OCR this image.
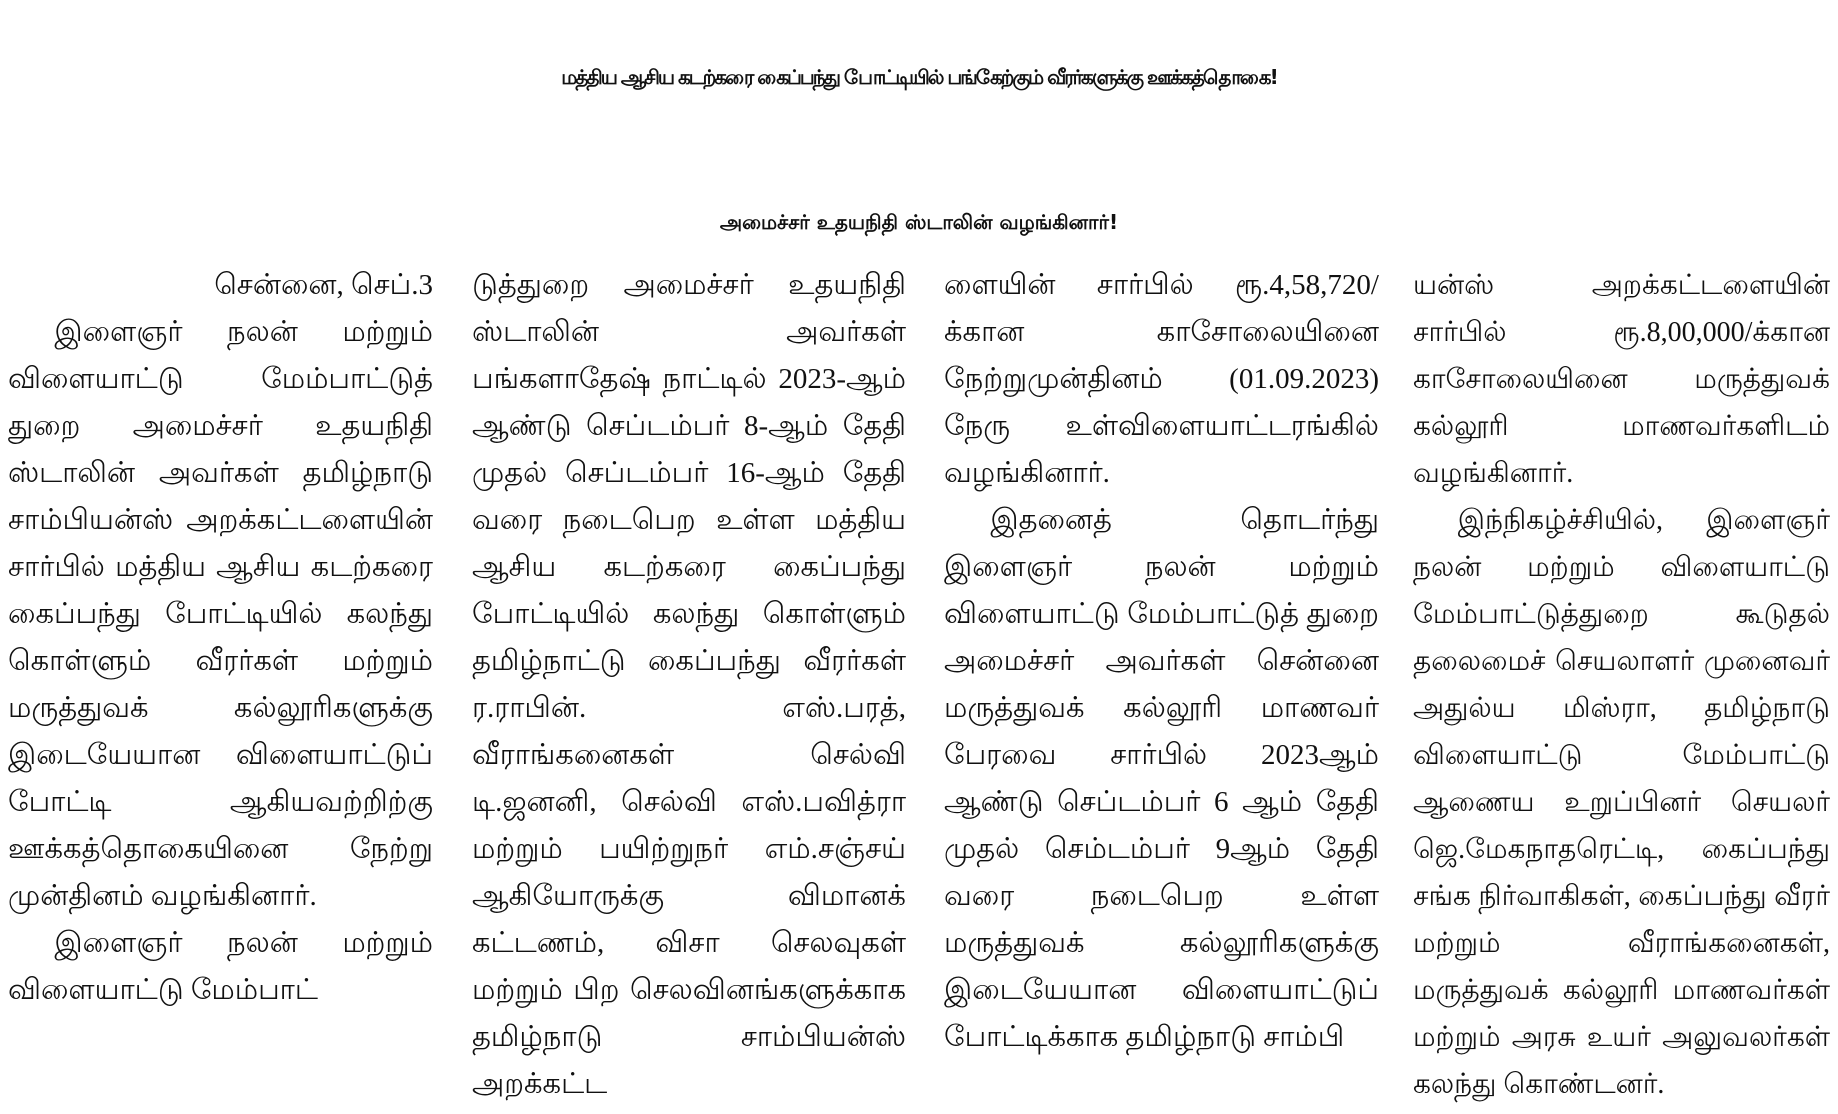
மத்திய ஆசிய கடற்கரை கைப்பந்து போட்டியில் பங்கேற்கும் வீரர்களுக்கு ஊக்கத்தொகை!
அமைச்சர் உதயநிதி ஸ்டாலின் வழங்கினார்!

சென்னை, செப்.3

இளைஞர் நலன் மற்றும் விளையாட்டு மேம்பாட்டுத் துறை அமைச்சர் உதயநிதி ஸ்டாலின் அவர்கள் தமிழ்நாடு சாம்பியன்ஸ் அறக்கட்டளையின் சார்பில் மத்திய ஆசிய கடற்கரை கைப்பந்து போட்டியில் கலந்து கொள்ளும் வீரர்கள் மற்றும் மருத்துவக் கல்லூரிகளுக்கு இடையேயான விளையாட்டுப் போட்டி ஆகியவற்றிற்கு ஊக்கத்தொகையினை நேற்று முன்தினம் வழங்கினார்.

இளைஞர் நலன் மற்றும் விளையாட்டு மேம்பாட்

டுத்துறை அமைச்சர் உதயநிதி ஸ்டாலின் அவர்கள் பங்களாதேஷ் நாட்டில் 2023-ஆம் ஆண்டு செப்டம்பர் 8-ஆம் தேதி முதல் செப்டம்பர் 16-ஆம் தேதி வரை நடைபெற உள்ள மத்திய ஆசிய கடற்கரை கைப்பந்து போட்டியில் கலந்து கொள்ளும் தமிழ்நாட்டு கைப்பந்து வீரர்கள் ர.ராபின். எஸ்.பரத், வீராங்கனைகள் செல்வி டி.ஜனனி, செல்வி எஸ்.பவித்ரா மற்றும் பயிற்றுநர் எம்.சஞ்சய் ஆகியோருக்கு விமானக் கட்டணம், விசா செலவுகள் மற்றும் பிற செலவினங்களுக்காக தமிழ்நாடு சாம்பியன்ஸ் அறக்கட்ட

ளையின் சார்பில் ரூ.4,58,720/க்கான காசோலையினை நேற்றுமுன்தினம் (01.09.2023) நேரு உள்விளையாட்டரங்கில் வழங்கினார்.

இதனைத் தொடர்ந்து இளைஞர் நலன் மற்றும் விளையாட்டு மேம்பாட்டுத் துறை அமைச்சர் அவர்கள் சென்னை மருத்துவக் கல்லூரி மாணவர் பேரவை சார்பில் 2023ஆம் ஆண்டு செப்டம்பர் 6 ஆம் தேதி முதல் செம்டம்பர் 9ஆம் தேதி வரை நடைபெற உள்ள மருத்துவக் கல்லூரிகளுக்கு இடையேயான விளையாட்டுப் போட்டிக்காக தமிழ்நாடு சாம்பி

யன்ஸ் அறக்கட்டளையின் சார்பில் ரூ.8,00,000/க்கான காசோலையினை மருத்துவக் கல்லூரி மாணவர்களிடம் வழங்கினார்.

இந்நிகழ்ச்சியில், இளைஞர் நலன் மற்றும் விளையாட்டு மேம்பாட்டுத்துறை கூடுதல் தலைமைச் செயலாளர் முனைவர் அதுல்ய மிஸ்ரா, தமிழ்நாடு விளையாட்டு மேம்பாட்டு ஆணைய உறுப்பினர் செயலர் ஜெ.மேகநாதரெட்டி, கைப்பந்து சங்க நிர்வாகிகள், கைப்பந்து வீரர் மற்றும் வீராங்கனைகள், மருத்துவக் கல்லூரி மாணவர்கள் மற்றும் அரசு உயர் அலுவலர்கள் கலந்து கொண்டனர்.
